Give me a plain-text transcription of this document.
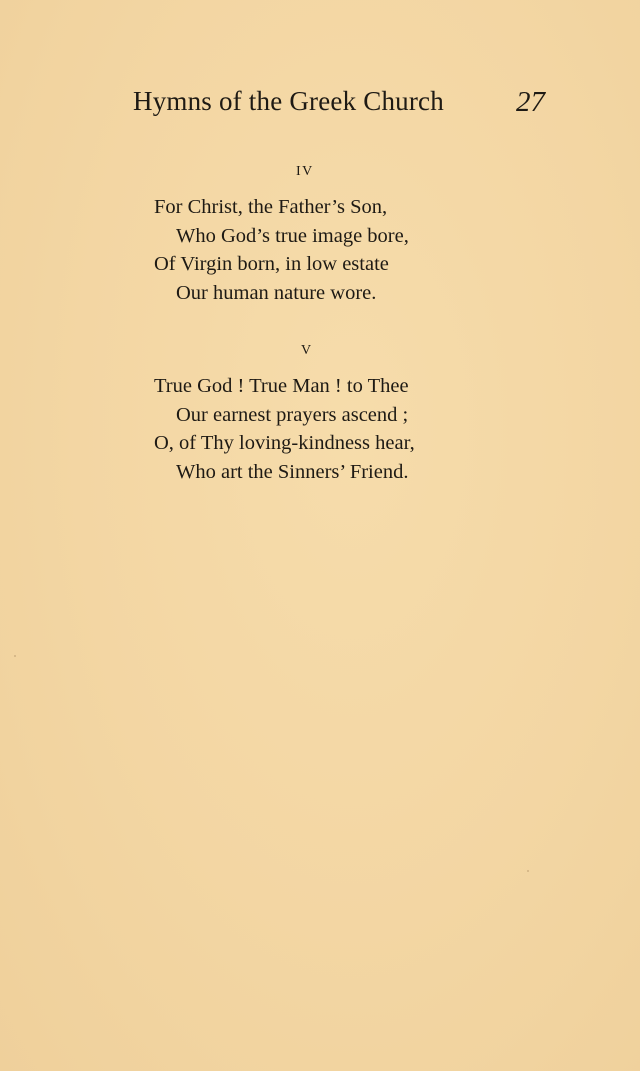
Hymns of the Greek Church 27
IV
For Christ, the Father’s Son,
Who God’s true image bore,
Of Virgin born, in low estate
Our human nature wore.
V
True God ! True Man ! to Thee
Our earnest prayers ascend ;
O, of Thy loving-kindness hear,
Who art the Sinners’ Friend.
